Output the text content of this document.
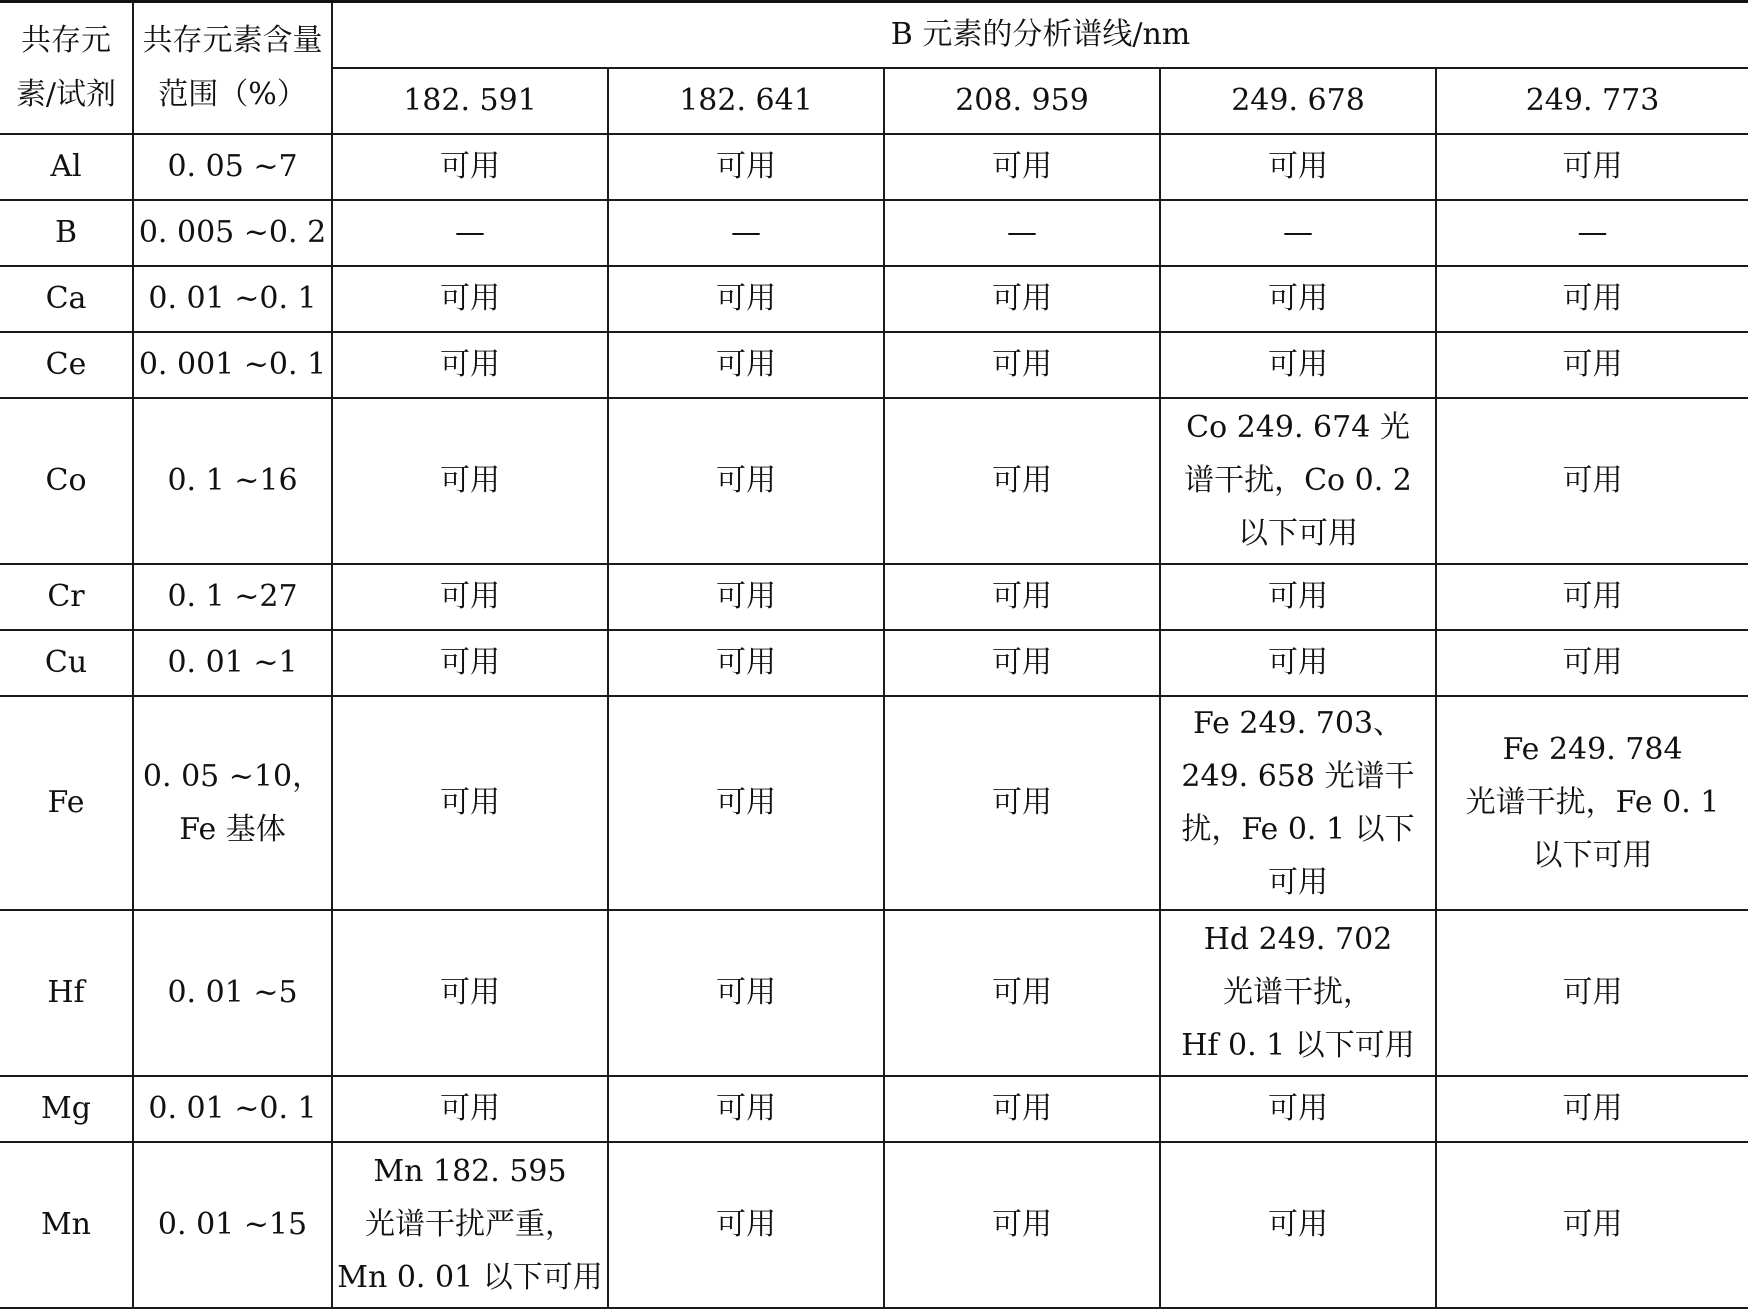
共存元素/试剂	共存元素含量范围（%）	B 元素的分析谱线/nm				
		182. 591	182. 641	208. 959	249. 678	249. 773
Al	0. 05 ~7	可用	可用	可用	可用	可用

B	0. 005 ~0. 2	—	—	—	—	—

Ca	0. 01 ~0. 1	可用	可用	可用	可用	可用

Ce	0. 001 ~0. 1	可用	可用	可用	可用	可用

Co	0. 1 ~16	可用	可用	可用	Co 249. 674 光
谱干扰，Co 0. 2
以下可用	可用

Cr	0. 1 ~27	可用	可用	可用	可用	可用

Cu	0. 01 ~1	可用	可用	可用	可用	可用

Fe	0. 05 ~10，
Fe 基体	可用	可用	可用	Fe 249. 703、
249. 658 光谱干
扰，Fe 0. 1 以下
可用	Fe 249. 784
光谱干扰，Fe 0. 1
以下可用

Hf	0. 01 ~5	可用	可用	可用	Hd 249. 702
光谱干扰，
Hf 0. 1 以下可用	可用

Mg	0. 01 ~0. 1	可用	可用	可用	可用	可用

Mn	0. 01 ~15	Mn 182. 595
光谱干扰严重，
Mn 0. 01 以下可用	可用	可用	可用	可用
